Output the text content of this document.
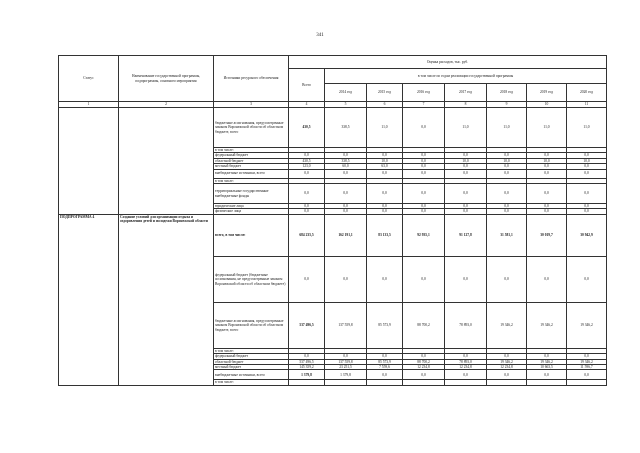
341
Статус	Наименование государственной программы, подпрограммы, основного мероприятия	Источники ресурсного обеспечения	Оценка расходов, тыс. руб.							
			Всего	в том числе по годам реализации государственной программы						
				2014 год	2015 год	2016 год	2017 год	2018 год	2019 год	2020 год
1	2	3	4	5	6	7	8	9	10	11
		бюджетные ассигнования, предусмотренные законом Воронежской области об областном бюджете, всего	430,5	338,5	11,0	0,0	11,0	11,0	11,0	11,0
		в том числе:								
		федеральный бюджет	0,0	0,0	0,0	0,0	0,0	0,0	0,0	0,0
		областной бюджет	430,5	338,5	10,0	0,0	10,0	10,0	10,0	10,0
		местный бюджет	123,0	60,0	63,0	0,0	0,0	0,0	0,0	0,0
		внебюджетные источники, всего	0,0	0,0	0,0	0,0	0,0	0,0	0,0	0,0
		в том числе:								
		территориальные государственные внебюджетные фонды	0,0	0,0	0,0	0,0	0,0	0,0	0,0	0,0
		юридические лица	0,0	0,0	0,0	0,0	0,0	0,0	0,0	0,0
		физические лица	0,0	0,0	0,0	0,0	0,0	0,0	0,0	0,0
ПОДПРОГРАММА 4	Создание условий для организации отдыха и оздоровления детей и молодежи Воронежской области	всего, в том числе:	684 235,5	162 191,1	83 133,5	92 935,1	91 127,8	31 581,1	30 019,7	30 942,9
		федеральный бюджет (бюджетные ассигнования, не предусмотренные законом Воронежской области об областном бюджете)	0,0	0,0	0,0	0,0	0,0	0,0	0,0	0,0
		бюджетные ассигнования, предусмотренные законом Воронежской области об областном бюджете, всего	537 496,5	137 559,8	85 573,9	88 700,2	78 893,0	19 346,2	19 346,2	19 346,2
		в том числе:								
		федеральный бюджет	0,0	0,0	0,0	0,0	0,0	0,0	0,0	0,0
		областной бюджет	537 496,5	137 559,8	85 573,9	88 700,2	78 893,0	19 346,2	19 346,2	19 346,2
		местный бюджет	145 359,2	23 251,5	7 559,6	12 234,8	12 234,8	12 234,8	10 663,5	11 596,7
		внебюджетные источники, всего	1 379,8	1 379,8	0,0	0,0	0,0	0,0	0,0	0,0
		в том числе:								
